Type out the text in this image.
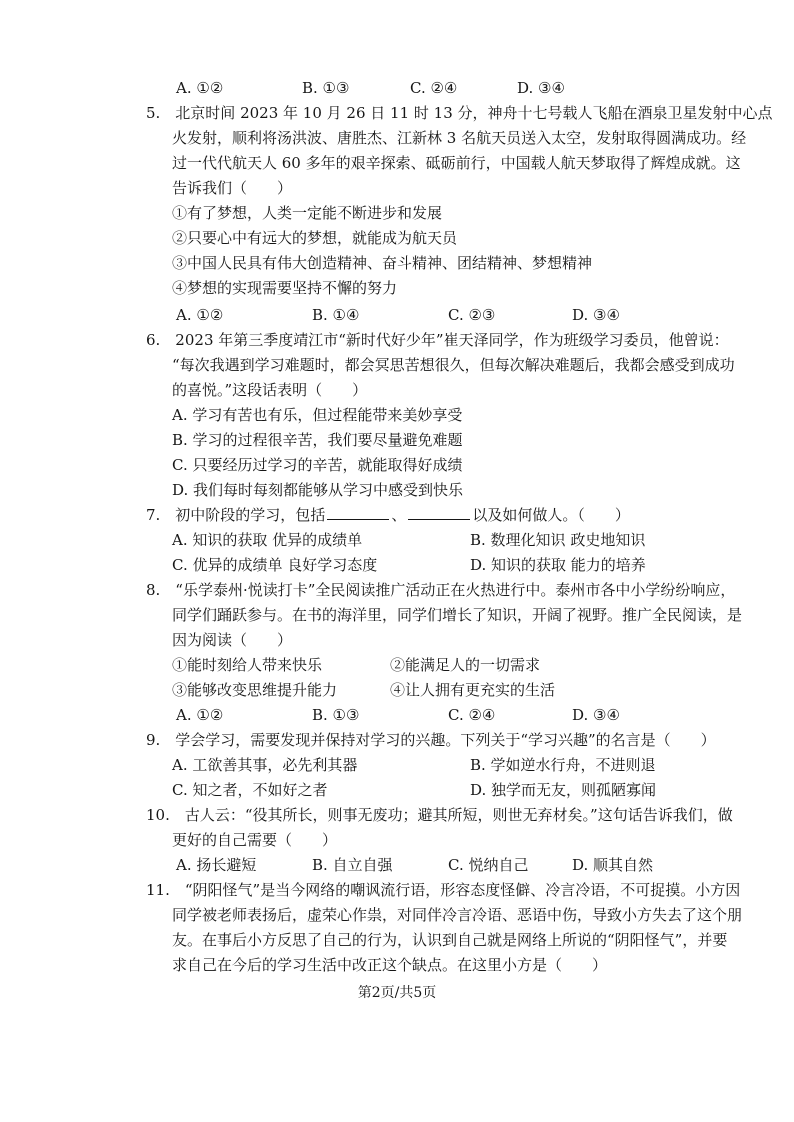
A. ①②	B. ①③	C. ②④	D. ③④
5.　北京时间 2023 年 10 月 26 日 11 时 13 分，神舟十七号载人飞船在酒泉卫星发射中心点
火发射，顺利将汤洪波、唐胜杰、江新林 3 名航天员送入太空，发射取得圆满成功。经
过一代代航天人 60 多年的艰辛探索、砥砺前行，中国载人航天梦取得了辉煌成就。这
告诉我们（　　）
①有了梦想，人类一定能不断进步和发展
②只要心中有远大的梦想，就能成为航天员
③中国人民具有伟大创造精神、奋斗精神、团结精神、梦想精神
④梦想的实现需要坚持不懈的努力
A. ①②	B. ①④	C. ②③	D. ③④
6.　2023 年第三季度靖江市“新时代好少年”崔天泽同学，作为班级学习委员，他曾说：
“每次我遇到学习难题时，都会冥思苦想很久，但每次解决难题后，我都会感受到成功
的喜悦。”这段话表明（　　）
A. 学习有苦也有乐，但过程能带来美妙享受
B. 学习的过程很辛苦，我们要尽量避免难题
C. 只要经历过学习的辛苦，就能取得好成绩
D. 我们每时每刻都能够从学习中感受到快乐
7.　初中阶段的学习，包括	、	以及如何做人。（　　）
A. 知识的获取 优异的成绩单	B. 数理化知识 政史地知识
C. 优异的成绩单 良好学习态度	D. 知识的获取 能力的培养
8.　“乐学泰州·悦读打卡”全民阅读推广活动正在火热进行中。泰州市各中小学纷纷响应，
同学们踊跃参与。在书的海洋里，同学们增长了知识，开阔了视野。推广全民阅读，是
因为阅读（　　）
①能时刻给人带来快乐	②能满足人的一切需求
③能够改变思维提升能力	④让人拥有更充实的生活
A. ①②	B. ①③	C. ②④	D. ③④
9.　学会学习，需要发现并保持对学习的兴趣。下列关于“学习兴趣”的名言是（　　）
A. 工欲善其事，必先利其器	B. 学如逆水行舟，不进则退
C. 知之者，不如好之者	D. 独学而无友，则孤陋寡闻
10.　古人云：“役其所长，则事无废功；避其所短，则世无弃材矣。”这句话告诉我们，做
更好的自己需要（　　）
A. 扬长避短	B. 自立自强	C. 悦纳自己	D. 顺其自然
11.　“阴阳怪气”是当今网络的嘲讽流行语，形容态度怪僻、冷言冷语，不可捉摸。小方因
同学被老师表扬后，虚荣心作祟，对同伴冷言冷语、恶语中伤，导致小方失去了这个朋
友。在事后小方反思了自己的行为，认识到自己就是网络上所说的“阴阳怪气”，并要
求自己在今后的学习生活中改正这个缺点。在这里小方是（　　）
第2页/共5页
